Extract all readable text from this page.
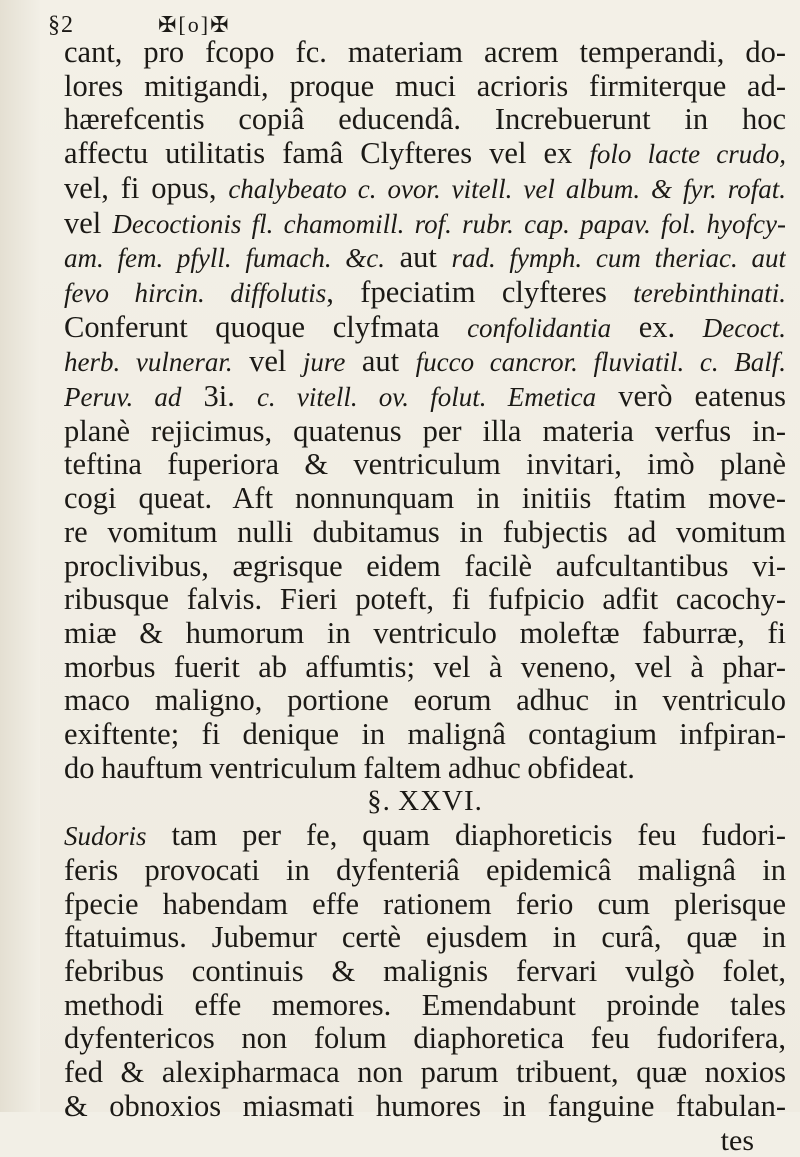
§2	✠[o]✠
cant, pro fcopo fc. materiam acrem temperandi, do-
lores mitigandi, proque muci acrioris firmiterque ad-
hærefcentis copiâ educendâ. Increbuerunt in hoc
affectu utilitatis famâ Clyfteres vel ex folo lacte crudo,
vel, fi opus, chalybeato c. ovor. vitell. vel album. & fyr. rofat.
vel Decoctionis fl. chamomill. rof. rubr. cap. papav. fol. hyofcy-
am. fem. pfyll. fumach. &c. aut rad. fymph. cum theriac. aut
fevo hircin. diffolutis, fpeciatim clyfteres terebinthinati.
Conferunt quoque clyfmata confolidantia ex. Decoct.
herb. vulnerar. vel jure aut fucco cancror. fluviatil. c. Balf.
Peruv. ad 3i. c. vitell. ov. folut. Emetica verò eatenus
planè rejicimus, quatenus per illa materia verfus in-
teftina fuperiora & ventriculum invitari, imò planè
cogi queat. Aft nonnunquam in initiis ftatim move-
re vomitum nulli dubitamus in fubjectis ad vomitum
proclivibus, ægrisque eidem facilè aufcultantibus vi-
ribusque falvis. Fieri poteft, fi fufpicio adfit cacochy-
miæ & humorum in ventriculo moleftæ faburræ, fi
morbus fuerit ab affumtis; vel à veneno, vel à phar-
maco maligno, portione eorum adhuc in ventriculo
exiftente; fi denique in malignâ contagium infpiran-
do hauftum ventriculum faltem adhuc obfideat.
§. XXVI.
Sudoris tam per fe, quam diaphoreticis feu fudori-
feris provocati in dyfenteriâ epidemicâ malignâ in
fpecie habendam effe rationem ferio cum plerisque
ftatuimus. Jubemur certè ejusdem in curâ, quæ in
febribus continuis & malignis fervari vulgò folet,
methodi effe memores. Emendabunt proinde tales
dyfentericos non folum diaphoretica feu fudorifera,
fed & alexipharmaca non parum tribuent, quæ noxios
& obnoxios miasmati humores in fanguine ftabulan-
tes
